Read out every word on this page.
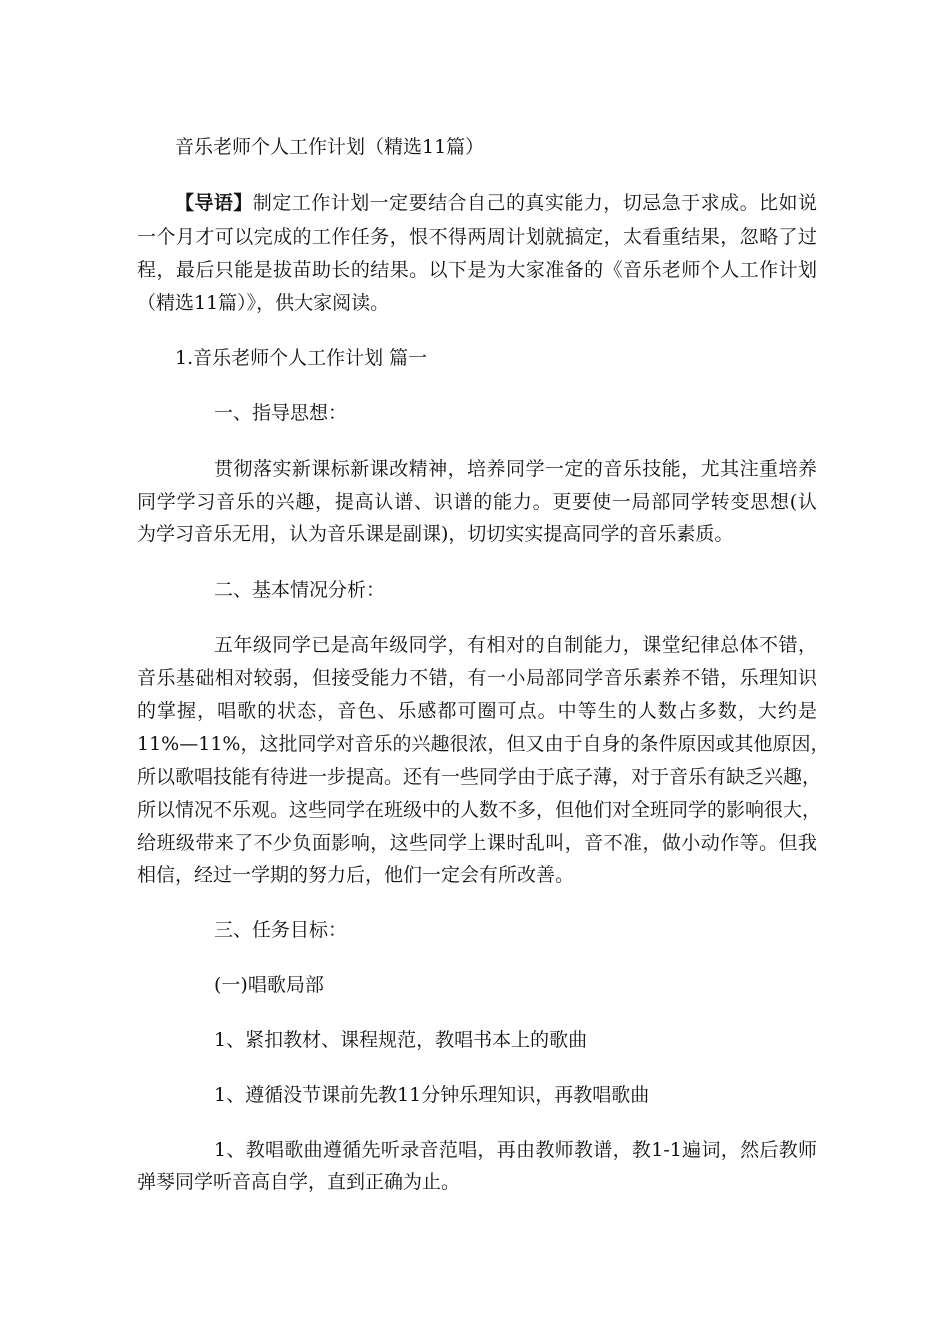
音乐老师个人工作计划（精选11篇）
【导语】制定工作计划一定要结合自己的真实能力，切忌急于求成。比如说
一个月才可以完成的工作任务，恨不得两周计划就搞定，太看重结果，忽略了过
程，最后只能是拔苗助长的结果。以下是为大家准备的《音乐老师个人工作计划
（精选11篇）》，供大家阅读。
1.音乐老师个人工作计划 篇一
一、指导思想：
贯彻落实新课标新课改精神，培养同学一定的音乐技能，尤其注重培养
同学学习音乐的兴趣，提高认谱、识谱的能力。更要使一局部同学转变思想(认
为学习音乐无用，认为音乐课是副课)，切切实实提高同学的音乐素质。
二、基本情况分析：
五年级同学已是高年级同学，有相对的自制能力，课堂纪律总体不错，
音乐基础相对较弱，但接受能力不错，有一小局部同学音乐素养不错，乐理知识
的掌握，唱歌的状态，音色、乐感都可圈可点。中等生的人数占多数，大约是
11%—11%，这批同学对音乐的兴趣很浓，但又由于自身的条件原因或其他原因，
所以歌唱技能有待进一步提高。还有一些同学由于底子薄，对于音乐有缺乏兴趣，
所以情况不乐观。这些同学在班级中的人数不多，但他们对全班同学的影响很大，
给班级带来了不少负面影响，这些同学上课时乱叫，音不准，做小动作等。但我
相信，经过一学期的努力后，他们一定会有所改善。
三、任务目标：
(一)唱歌局部
1、紧扣教材、课程规范，教唱书本上的歌曲
1、遵循没节课前先教11分钟乐理知识，再教唱歌曲
1、教唱歌曲遵循先听录音范唱，再由教师教谱，教1-1遍词，然后教师
弹琴同学听音高自学，直到正确为止。
